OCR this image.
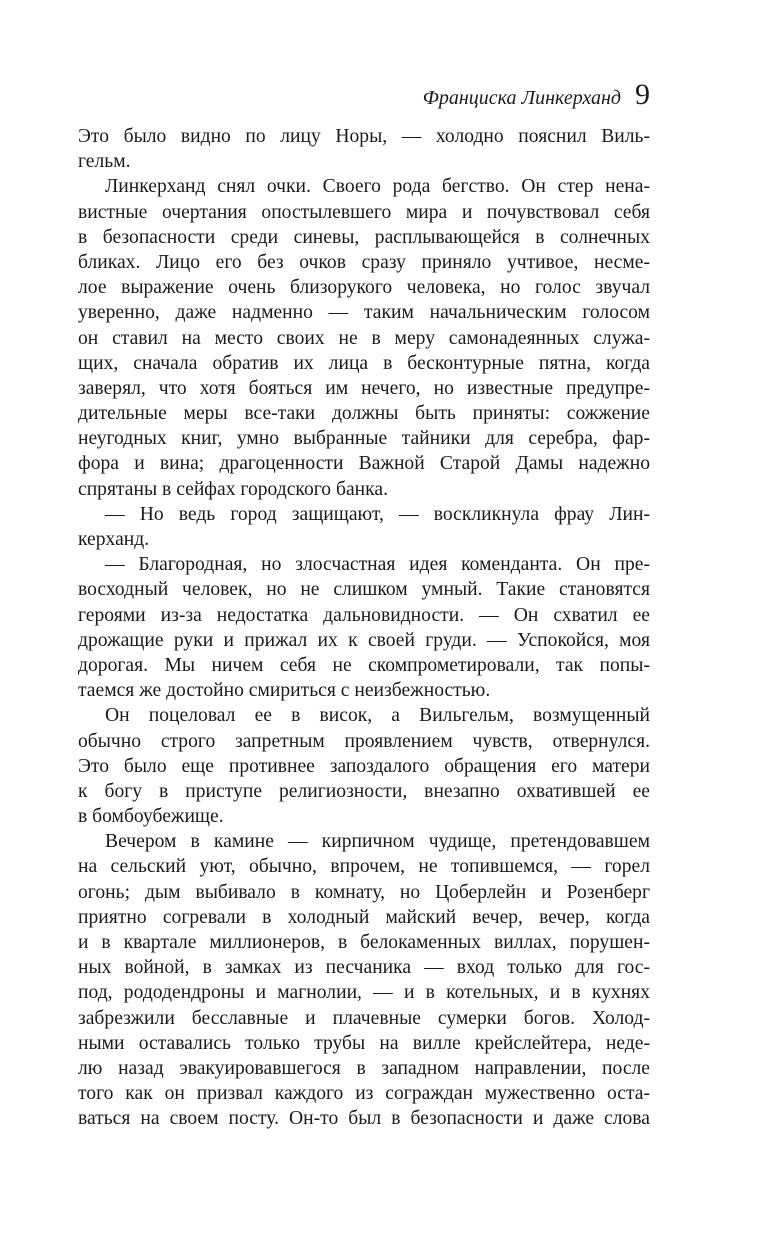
Франциска Линкерханд 9
Это было видно по лицу Норы, — холодно пояснил Виль-
гельм.
Линкерханд снял очки. Своего рода бегство. Он стер нена-
вистные очертания опостылевшего мира и почувствовал себя
в безопасности среди синевы, расплывающейся в солнечных
бликах. Лицо его без очков сразу приняло учтивое, несме-
лое выражение очень близорукого человека, но голос звучал
уверенно, даже надменно — таким начальническим голосом
он ставил на место своих не в меру самонадеянных служа-
щих, сначала обратив их лица в бесконтурные пятна, когда
заверял, что хотя бояться им нечего, но известные предупре-
дительные меры все-таки должны быть приняты: сожжение
неугодных книг, умно выбранные тайники для серебра, фар-
фора и вина; драгоценности Важной Старой Дамы надежно
спрятаны в сейфах городского банка.
— Но ведь город защищают, — воскликнула фрау Лин-
керханд.
— Благородная, но злосчастная идея коменданта. Он пре-
восходный человек, но не слишком умный. Такие становятся
героями из-за недостатка дальновидности. — Он схватил ее
дрожащие руки и прижал их к своей груди. — Успокойся, моя
дорогая. Мы ничем себя не скомпрометировали, так попы-
таемся же достойно смириться с неизбежностью.
Он поцеловал ее в висок, а Вильгельм, возмущенный
обычно строго запретным проявлением чувств, отвернулся.
Это было еще противнее запоздалого обращения его матери
к богу в приступе религиозности, внезапно охватившей ее
в бомбоубежище.
Вечером в камине — кирпичном чудище, претендовавшем
на сельский уют, обычно, впрочем, не топившемся, — горел
огонь; дым выбивало в комнату, но Цоберлейн и Розенберг
приятно согревали в холодный майский вечер, вечер, когда
и в квартале миллионеров, в белокаменных виллах, порушен-
ных войной, в замках из песчаника — вход только для гос-
под, рододендроны и магнолии, — и в котельных, и в кухнях
забрезжили бесславные и плачевные сумерки богов. Холод-
ными оставались только трубы на вилле крейслейтера, неде-
лю назад эвакуировавшегося в западном направлении, после
того как он призвал каждого из сограждан мужественно оста-
ваться на своем посту. Он-то был в безопасности и даже слова
